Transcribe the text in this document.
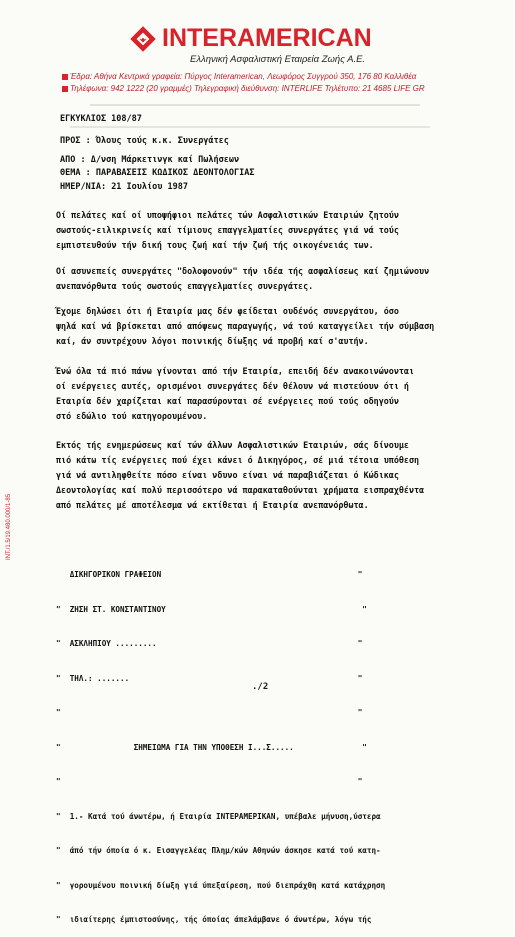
INTERAMERICAN
Ελληνική Ασφαλιστική Εταιρεία Ζωής Α.Ε.
Έδρα: Αθήνα Κεντρικά γραφεία: Πύργος Interamerican, Λεωφόρος Συγγρού 350, 176 80 Καλλιθέα
Τηλέφωνα: 942 1222 (20 γραμμές) Τηλεγραφική διεύθυνση: INTERLIFE Τηλέτυπο: 21 4685 LIFE GR
ΕΓΚΥΚΛΙΟΣ 108/87
ΠΡΟΣ : Όλους τούς κ.κ. Συνεργάτες
ΑΠΟ : Δ/νση Μάρκετινγκ καί Πωλήσεων
ΘΕΜΑ : ΠΑΡΑΒΑΣΕΙΣ ΚΩΔΙΚΟΣ ΔΕΟΝΤΟΛΟΓΙΑΣ
ΗΜΕΡ/ΝΙΑ: 21 Ιουλίου 1987

Οί πελάτες καί οί υποψήφιοι πελάτες τών Ασφαλιστικών Εταιριών ζητούν

σωστούς-ειλικρινείς καί τίμιους επαγγελματίες συνεργάτες γιά νά τούς

εμπιστευθούν τήν δική τους ζωή καί τήν ζωή τής οικογένειάς των.

Οί ασυνεπείς συνεργάτες "δολοφονούν" τήν ιδέα τής ασφαλίσεως καί ζημιώνουν

ανεπανόρθωτα τούς σωστούς επαγγελματίες συνεργάτες.

Έχομε δηλώσει ότι ή Εταιρία μας δέν φείδεται ουδένός συνεργάτου, όσο

ψηλά καί νά βρίσκεται από απόψεως παραγωγής, νά τού καταγγείλει τήν σύμβαση

καί, άν συντρέχουν λόγοι ποινικής δίωξης νά προβή καί σ'αυτήν.

Ένώ όλα τά πιό πάνω γίνονται από τήν Εταιρία, επειδή δέν ανακοινώνονται

οί ενέργειες αυτές, ορισμένοι συνεργάτες δέν θέλουν νά πιστεύουν ότι ή

Εταιρία δέν χαρίζεται καί παρασύρονται σέ ενέργειες πού τούς οδηγούν

στό εδώλιο τού κατηγορουμένου.

Εκτός τής ενημερώσεως καί τών άλλων Ασφαλιστικών Εταιριών, σάς δίνουμε

πιό κάτω τίς ενέργειες πού έχει κάνει ό Δικηγόρος, σέ μιά τέτοια υπόθεση

γιά νά αντιληφθείτε πόσο είναι νδυνο είναι νά παραβιάζεται ό Κώδικας

Δεοντολογίας καί πολύ περισσότερο νά παρακαταθούνται χρήματα εισπραχθέντα

από πελάτες μέ αποτέλεσμα νά εκτίθεται ή Εταιρία ανεπανόρθωτα.

ΔΙΚΗΓΟΡΙΚΟΝ ΓΡΑΦΕΙΟΝ                                           "

"  ΖΗΣΗ ΣΤ. ΚΟΝΣΤΑΝΤΙΝΟΥ                                           "

"  ΑΣΚΛΗΠΙΟΥ .........                                            "

"  ΤΗΛ.: .......                                                  "

"                                                                 "

"                ΣΗΜΕΙΩΜΑ ΓΙΑ ΤΗΝ ΥΠΟΘΕΣΗ Ι...Σ.....               "

"                                                                 "

"  1.- Κατά τού άνωτέρω, ή Εταιρία ΙΝΤΕΡΑΜΕΡΙΚΑΝ, υπέβαλε μήνυση,ύστερα

"  άπό τήν όποία ό κ. Εισαγγελέας Πλημ/κών Αθηνών άσκησε κατά τού κατη-

"  γορουμένου ποινική δίωξη γιά ύπεξαίρεση, πού διεπράχθη κατά κατάχρηση

"  ιδιαίτερης έμπιστοσύνης, τής όποίας άπελάμβανε ό άνωτέρω, λόγω τής

INT./1.5/19.480.000/1-85
./2
